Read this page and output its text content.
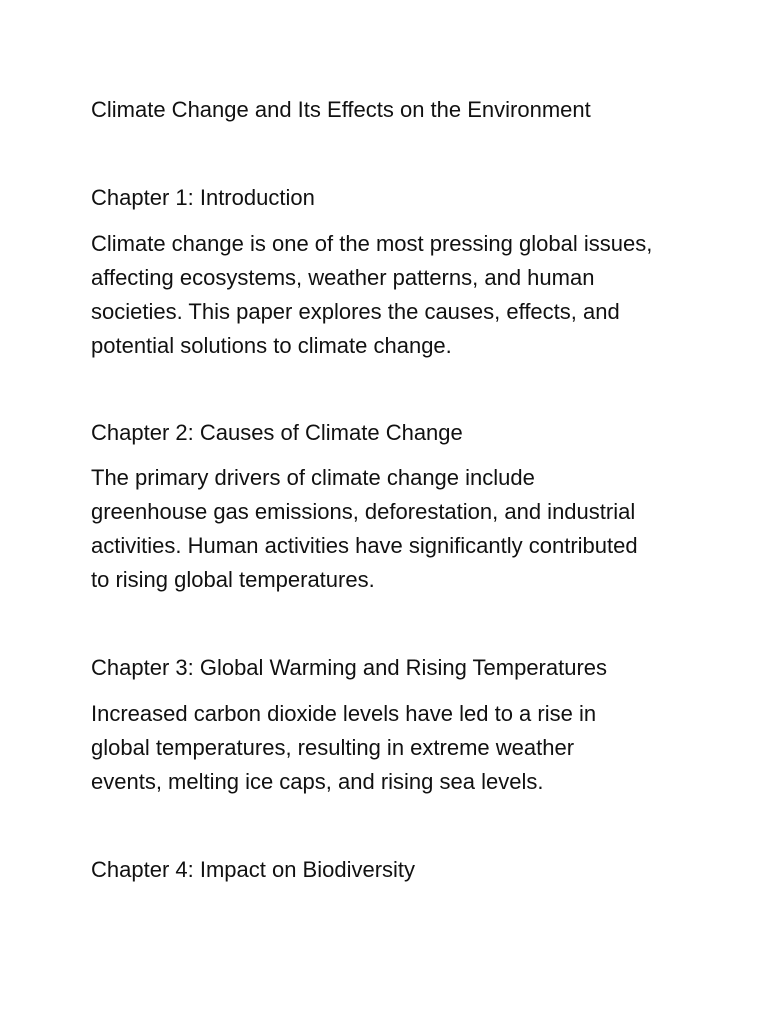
Climate Change and Its Effects on the Environment
Chapter 1: Introduction

Climate change is one of the most pressing global issues,
affecting ecosystems, weather patterns, and human
societies. This paper explores the causes, effects, and
potential solutions to climate change.

Chapter 2: Causes of Climate Change

The primary drivers of climate change include
greenhouse gas emissions, deforestation, and industrial
activities. Human activities have significantly contributed
to rising global temperatures.

Chapter 3: Global Warming and Rising Temperatures

Increased carbon dioxide levels have led to a rise in
global temperatures, resulting in extreme weather
events, melting ice caps, and rising sea levels.

Chapter 4: Impact on Biodiversity
